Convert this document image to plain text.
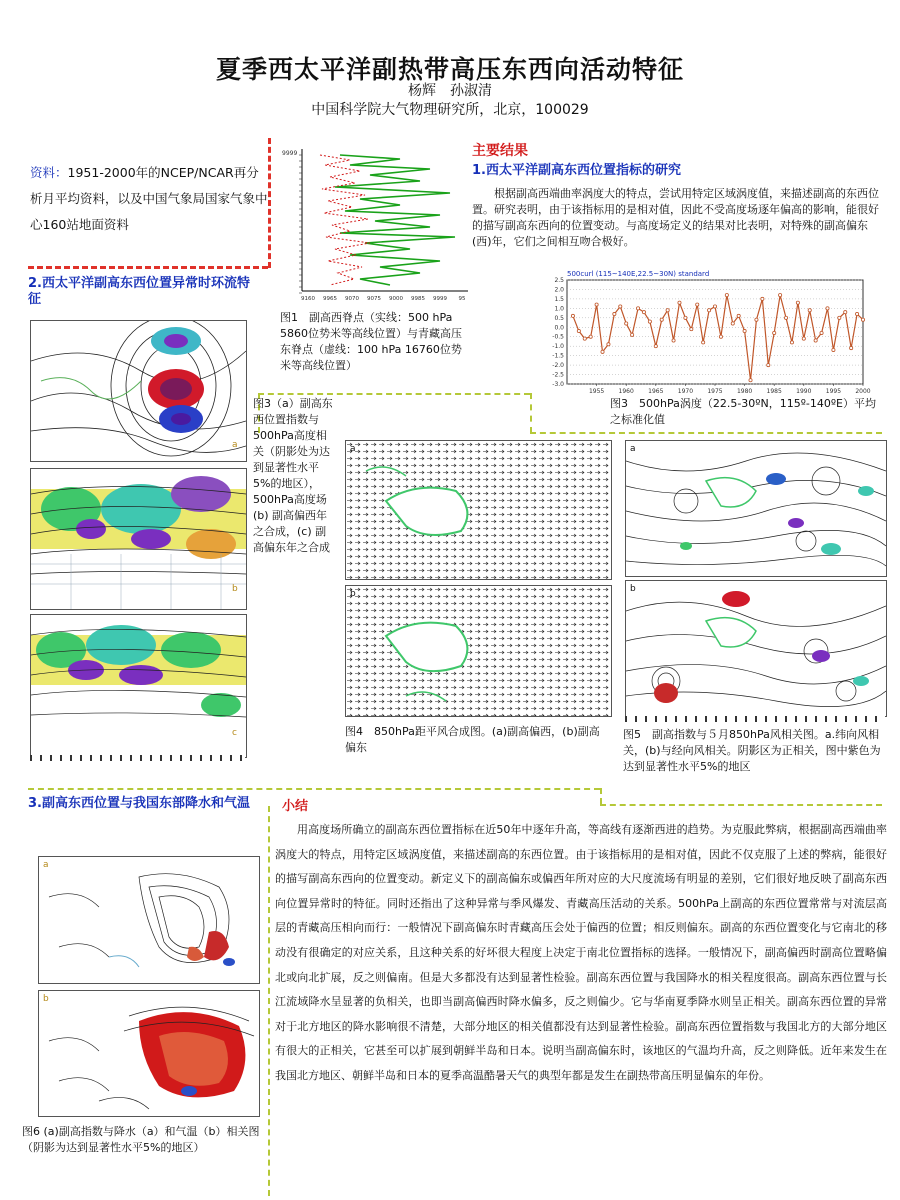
夏季西太平洋副热带高压东西向活动特征
杨辉　孙淑清
中国科学院大气物理研究所，北京，100029
资料：1951-2000年的NCEP/NCAR再分析月平均资料，以及中国气象局国家气象中心160站地面资料
9999
9160 9965 9070 9075 9000 9985 9999 95
图1　副高西脊点（实线：500 hPa 5860位势米等高线位置）与青藏高压东脊点（虚线：100 hPa 16760位势米等高线位置）
主要结果
1.西太平洋副高东西位置指标的研究
根据副高西端曲率涡度大的特点，尝试用特定区域涡度值，来描述副高的东西位置。研究表明，由于该指标用的是相对值，因此不受高度场逐年偏高的影响，能很好的描写副高东西向的位置变动。与高度场定义的结果对比表明，对特殊的副高偏东(西)年，它们之间相互吻合极好。
500curl (115~140E,22.5~30N) standard
2.5
2.0
1.5
1.0
0.5
0.0
-0.5
-1.0
-1.5
-2.0
-2.5
-3.0
1955 1960 1965 1970 1975 1980 1985 1990 1995 2000
图3　500hPa涡度（22.5-30ºN，115º-140ºE）平均之标准化值
2.西太平洋副高东西位置异常时环流特征
a
b
c
图3（a）副高东西位置指数与500hPa高度相关（阴影处为达到显著性水平5%的地区），500hPa高度场(b) 副高偏西年之合成，(c) 副高偏东年之合成
a
b
图4　850hPa距平风合成图。(a)副高偏西，(b)副高偏东
a
b
图5　副高指数与５月850hPa风相关图。a.纬向风相关，(b)与经向风相关。阴影区为正相关，图中紫色为达到显著性水平5%的地区
3.副高东西位置与我国东部降水和气温
a
b
图6 (a)副高指数与降水（a）和气温（b）相关图（阴影为达到显著性水平5%的地区）
小结
用高度场所确立的副高东西位置指标在近50年中逐年升高，等高线有逐渐西进的趋势。为克服此弊病，根据副高西端曲率涡度大的特点，用特定区域涡度值，来描述副高的东西位置。由于该指标用的是相对值，因此不仅克服了上述的弊病，能很好的描写副高东西向的位置变动。新定义下的副高偏东或偏西年所对应的大尺度流场有明显的差别，它们很好地反映了副高东西向位置异常时的特征。同时还指出了这种异常与季风爆发、青藏高压活动的关系。500hPa上副高的东西位置常常与对流层高层的青藏高压相向而行：一般情况下副高偏东时青藏高压会处于偏西的位置；相反则偏东。副高的东西位置变化与它南北的移动没有很确定的对应关系，且这种关系的好坏很大程度上决定于南北位置指标的选择。一般情况下，副高偏西时副高位置略偏北或向北扩展，反之则偏南。但是大多都没有达到显著性检验。副高东西位置与我国降水的相关程度很高。副高东西位置与长江流域降水呈显著的负相关，也即当副高偏西时降水偏多，反之则偏少。它与华南夏季降水则呈正相关。副高东西位置的异常对于北方地区的降水影响很不清楚，大部分地区的相关值都没有达到显著性检验。副高东西位置指数与我国北方的大部分地区有很大的正相关，它甚至可以扩展到朝鲜半岛和日本。说明当副高偏东时，该地区的气温均升高，反之则降低。近年来发生在我国北方地区、朝鲜半岛和日本的夏季高温酷暑天气的典型年都是发生在副热带高压明显偏东的年份。
